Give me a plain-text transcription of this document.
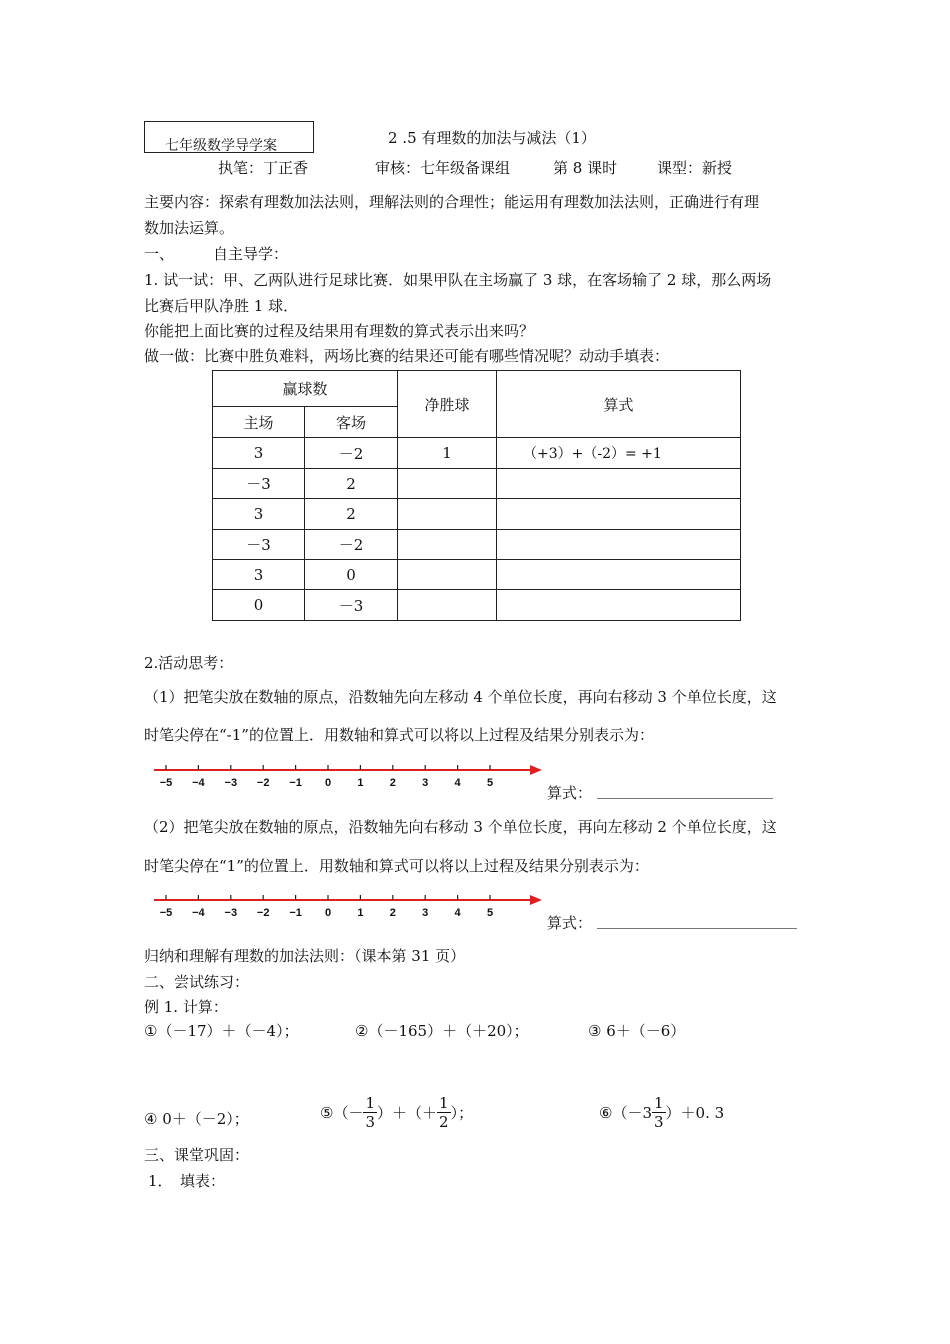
七年级数学导学案	2 .5 有理数的加法与减法（1）
执笔：丁正香	审核：七年级备课组	第 8 课时	课型：新授
主要内容：探索有理数加法法则，理解法则的合理性；能运用有理数加法法则，正确进行有理
数加法运算。
一、	自主导学：
1. 试一试：甲、乙两队进行足球比赛．如果甲队在主场赢了 3 球，在客场输了 2 球，那么两场
比赛后甲队净胜 1 球．
你能把上面比赛的过程及结果用有理数的算式表示出来吗？
做一做：比赛中胜负难料，两场比赛的结果还可能有哪些情况呢？动动手填表：
赢球数		净胜球	算式
主场	客场		
3	－2	1	（+3）+（-2）= +1
－3	2		
3	2		
－3	－2		
3	0		
0	－3		
2.活动思考：
（1）把笔尖放在数轴的原点，沿数轴先向左移动 4 个单位长度，再向右移动 3 个单位长度，这
时笔尖停在“-1”的位置上．用数轴和算式可以将以上过程及结果分别表示为：
−5 −4 −3 −2 −1 0 1 2 3 4 5
算式：
（2）把笔尖放在数轴的原点，沿数轴先向右移动 3 个单位长度，再向左移动 2 个单位长度，这
时笔尖停在“1”的位置上．用数轴和算式可以将以上过程及结果分别表示为：
−5 −4 −3 −2 −1 0 1 2 3 4 5
算式：
归纳和理解有理数的加法法则：（课本第 31 页）
二、尝试练习：
例 1. 计算：
①（－17）＋（－4）；	②（－165）＋（＋20）；	③ 6＋（－6）
④ 0＋（－2）；	⑤（－ $\frac{1}{3}$ ）＋（＋ $\frac{1}{2}$ ）；	⑥（－3 $\frac{1}{3} )+0$. 3
三、课堂巩固：
1．　填表：
